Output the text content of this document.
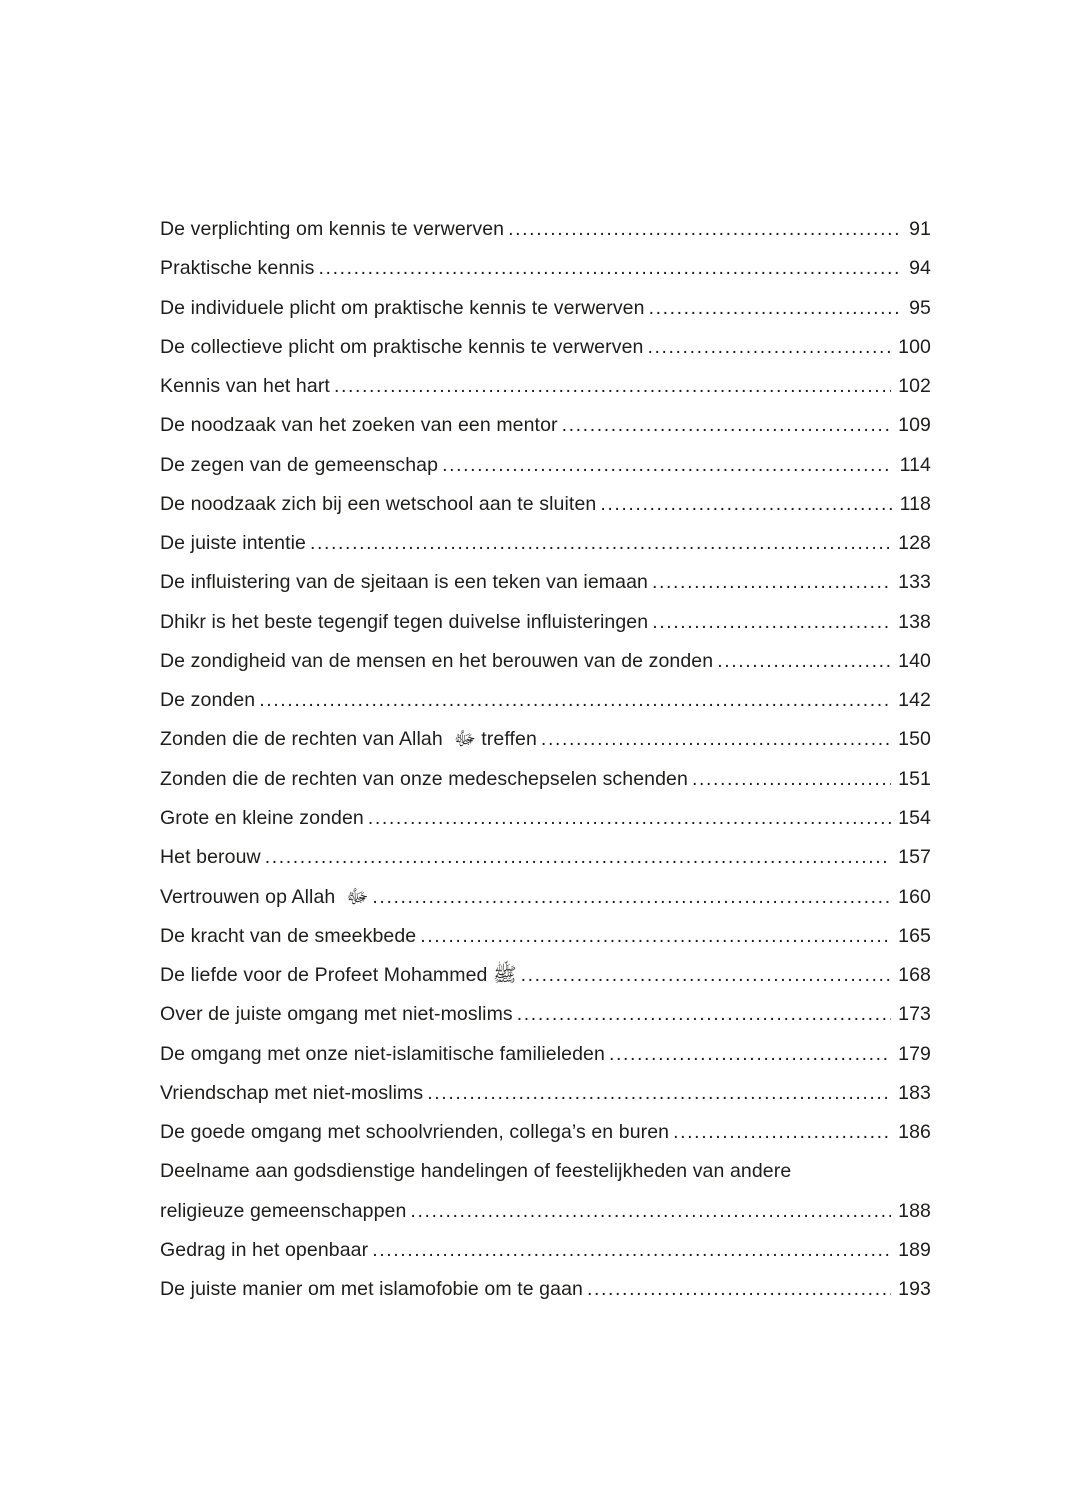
De verplichting om kennis te verwerven .....	91
Praktische kennis .....	94
De individuele plicht om praktische kennis te verwerven .....	95
De collectieve plicht om praktische kennis te verwerven .....	100
Kennis van het hart .....	102
De noodzaak van het zoeken van een mentor .....	109
De zegen van de gemeenschap .....	114
De noodzaak zich bij een wetschool aan te sluiten .....	118
De juiste intentie .....	128
De influistering van de sjeitaan is een teken van iemaan .....	133
Dhikr is het beste tegengif tegen duivelse influisteringen .....	138
De zondigheid van de mensen en het berouwen van de zonden .....	140
De zonden .....	142
Zonden die de rechten van Allah  ﷻ treffen .....	150
Zonden die de rechten van onze medeschepselen schenden .....	151
Grote en kleine zonden .....	154
Het berouw .....	157
Vertrouwen op Allah  ﷻ .....	160
De kracht van de smeekbede .....	165
De liefde voor de Profeet Mohammed ﷺ .....	168
Over de juiste omgang met niet-moslims .....	173
De omgang met onze niet-islamitische familieleden .....	179
Vriendschap met niet-moslims .....	183
De goede omgang met schoolvrienden, collega’s en buren .....	186
Deelname aan godsdienstige handelingen of feestelijkheden van andere
religieuze gemeenschappen .....	188
Gedrag in het openbaar .....	189
De juiste manier om met islamofobie om te gaan .....	193
